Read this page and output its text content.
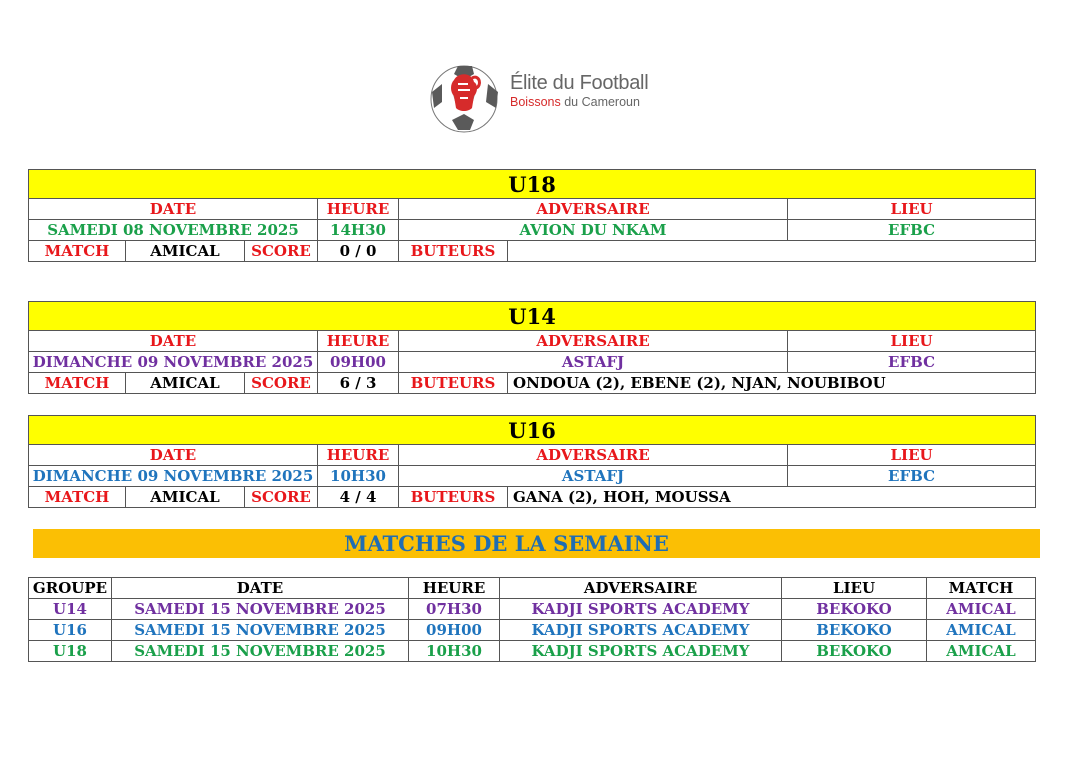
Élite du Football
Boissons du Cameroun
U18						
DATE			HEURE	ADVERSAIRE		LIEU
SAMEDI 08 NOVEMBRE 2025			14H30	AVION DU NKAM		EFBC
MATCH	AMICAL	SCORE	0 / 0	BUTEURS		
U14						
DATE			HEURE	ADVERSAIRE		LIEU
DIMANCHE 09 NOVEMBRE 2025			09H00	ASTAFJ		EFBC
MATCH	AMICAL	SCORE	6 / 3	BUTEURS	ONDOUA (2), EBENE (2), NJAN, NOUBIBOU	
U16						
DATE			HEURE	ADVERSAIRE		LIEU
DIMANCHE 09 NOVEMBRE 2025			10H30	ASTAFJ		EFBC
MATCH	AMICAL	SCORE	4 / 4	BUTEURS	GANA (2), HOH, MOUSSA	
MATCHES DE LA SEMAINE
GROUPE	DATE	HEURE	ADVERSAIRE	LIEU	MATCH
U14	SAMEDI 15 NOVEMBRE 2025	07H30	KADJI SPORTS ACADEMY	BEKOKO	AMICAL
U16	SAMEDI 15 NOVEMBRE 2025	09H00	KADJI SPORTS ACADEMY	BEKOKO	AMICAL
U18	SAMEDI 15 NOVEMBRE 2025	10H30	KADJI SPORTS ACADEMY	BEKOKO	AMICAL
